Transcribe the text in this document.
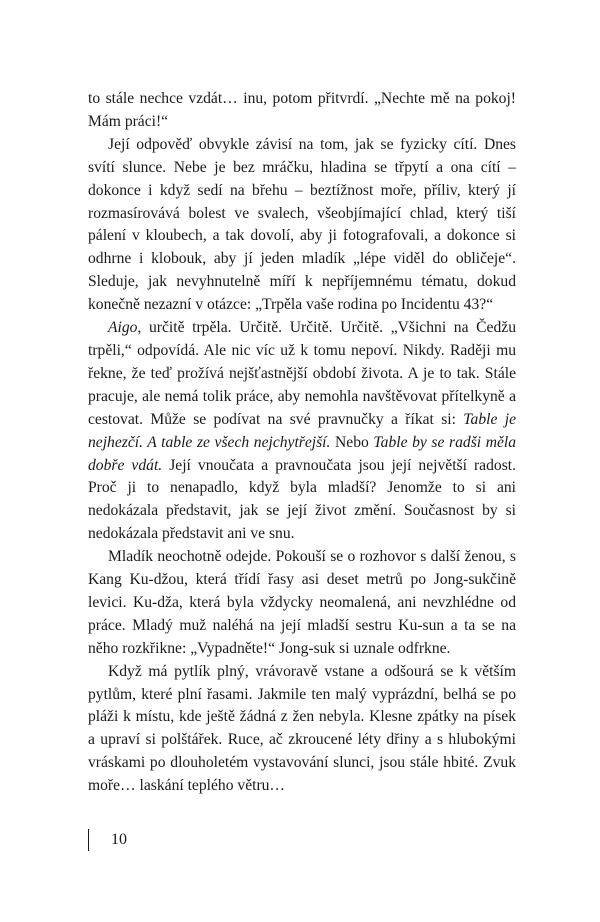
to stále nechce vzdát… inu, potom přitvrdí. „Nechte mě na pokoj! Mám práci!“

Její odpověď obvykle závisí na tom, jak se fyzicky cítí. Dnes svítí slunce. Nebe je bez mráčku, hladina se třpytí a ona cítí – dokonce i když sedí na břehu – beztížnost moře, příliv, který jí rozmasírovává bolest ve svalech, všeobjímající chlad, který tiší pálení v kloubech, a tak dovolí, aby ji fotografovali, a dokonce si odhrne i klobouk, aby jí jeden mladík „lépe viděl do obličeje“. Sleduje, jak nevyhnutelně míří k nepříjemnému tématu, dokud konečně nezazní v otázce: „Trpěla vaše rodina po Incidentu 43?“

Aigo, určitě trpěla. Určitě. Určitě. Určitě. „Všichni na Čedžu trpěli,“ odpovídá. Ale nic víc už k tomu nepoví. Nikdy. Raději mu řekne, že teď prožívá nejšťastnější období života. A je to tak. Stále pracuje, ale nemá tolik práce, aby nemohla navštěvovat přítelkyně a cestovat. Může se podívat na své pravnučky a říkat si: Table je nejhezčí. A table ze všech nejchytřejší. Nebo Table by se radši měla dobře vdát. Její vnoučata a pravnoučata jsou její největší radost. Proč ji to nenapadlo, když byla mladší? Jenomže to si ani nedokázala představit, jak se její život změní. Současnost by si nedokázala představit ani ve snu.

Mladík neochotně odejde. Pokouší se o rozhovor s další ženou, s Kang Ku-džou, která třídí řasy asi deset metrů po Jong-sukčině levici. Ku-dža, která byla vždycky neomalená, ani nevzhlédne od práce. Mladý muž naléhá na její mladší sestru Ku-sun a ta se na něho rozkřikne: „Vypadněte!“ Jong-suk si uznale odfrkne.

Když má pytlík plný, vrávoravě vstane a odšourá se k větším pytlům, které plní řasami. Jakmile ten malý vyprázdní, belhá se po pláži k místu, kde ještě žádná z žen nebyla. Klesne zpátky na písek a upraví si polštářek. Ruce, ač zkroucené léty dřiny a s hlubokými vráskami po dlouholetém vystavování slunci, jsou stále hbité. Zvuk moře… laskání teplého větru…

10
